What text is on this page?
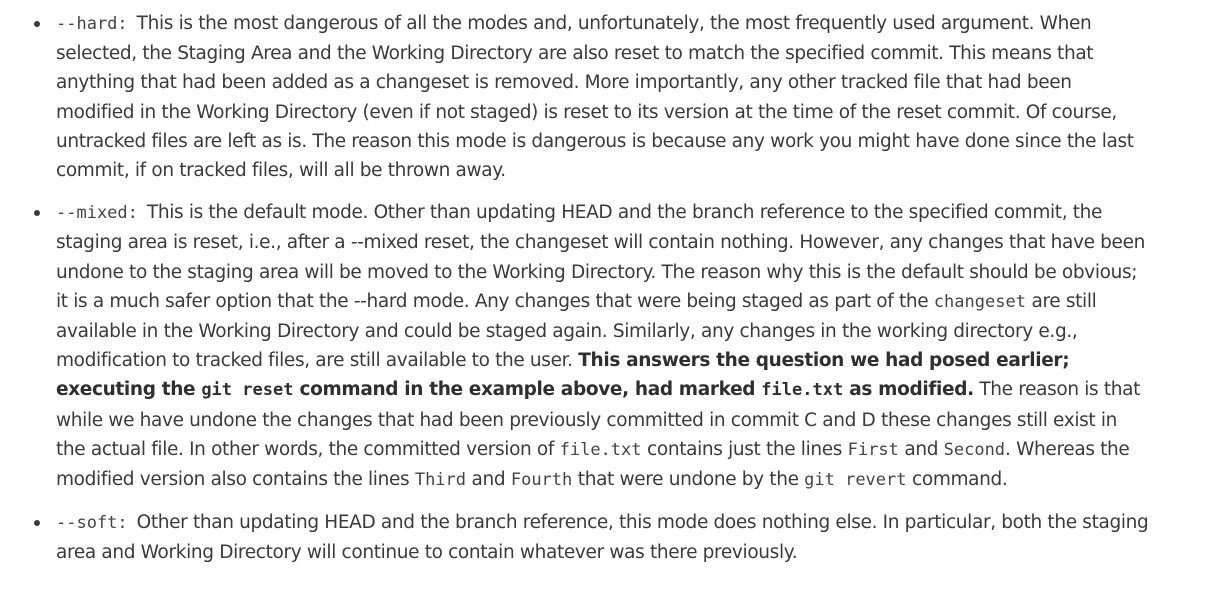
--hard: This is the most dangerous of all the modes and, unfortunately, the most frequently used argument. When selected, the Staging Area and the Working Directory are also reset to match the specified commit. This means that anything that had been added as a changeset is removed. More importantly, any other tracked file that had been modified in the Working Directory (even if not staged) is reset to its version at the time of the reset commit. Of course, untracked files are left as is. The reason this mode is dangerous is because any work you might have done since the last commit, if on tracked files, will all be thrown away.
--mixed: This is the default mode. Other than updating HEAD and the branch reference to the specified commit, the staging area is reset, i.e., after a --mixed reset, the changeset will contain nothing. However, any changes that have been undone to the staging area will be moved to the Working Directory. The reason why this is the default should be obvious; it is a much safer option that the --hard mode. Any changes that were being staged as part of the changeset are still available in the Working Directory and could be staged again. Similarly, any changes in the working directory e.g., modification to tracked files, are still available to the user. This answers the question we had posed earlier; executing the git reset command in the example above, had marked file.txt as modified. The reason is that while we have undone the changes that had been previously committed in commit C and D these changes still exist in the actual file. In other words, the committed version of file.txt contains just the lines First and Second. Whereas the modified version also contains the lines Third and Fourth that were undone by the git revert command.
--soft: Other than updating HEAD and the branch reference, this mode does nothing else. In particular, both the staging area and Working Directory will continue to contain whatever was there previously.
